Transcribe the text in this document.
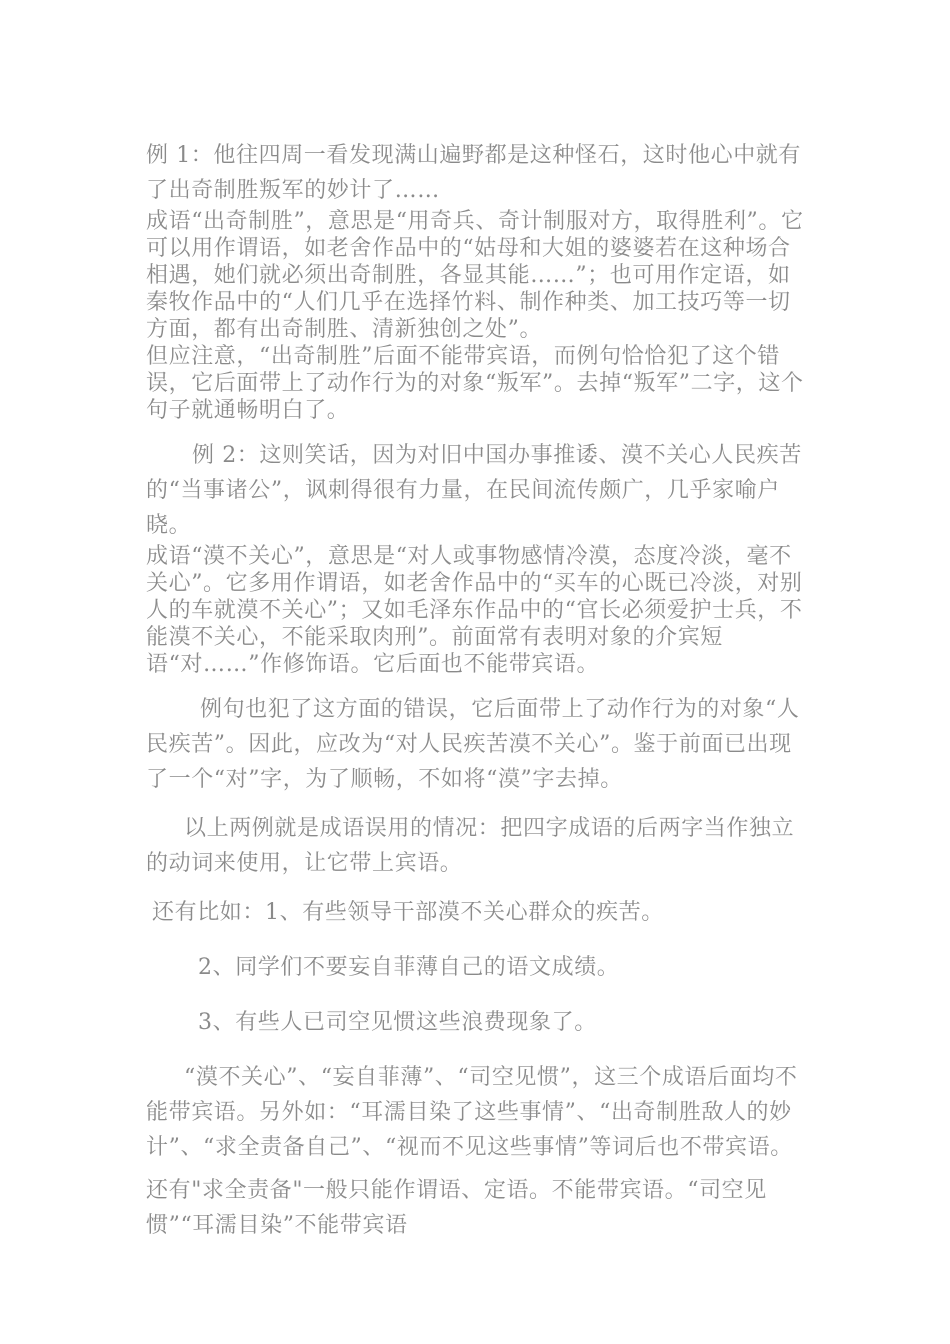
例 1：他往四周一看发现满山遍野都是这种怪石，这时他心中就有了出奇制胜叛军的妙计了……

成语“出奇制胜”，意思是“用奇兵、奇计制服对方，取得胜利”。它可以用作谓语，如老舍作品中的“姑母和大姐的婆婆若在这种场合相遇，她们就必须出奇制胜，各显其能……”；也可用作定语，如秦牧作品中的“人们几乎在选择竹料、制作种类、加工技巧等一切方面，都有出奇制胜、清新独创之处”。

但应注意，“出奇制胜”后面不能带宾语，而例句恰恰犯了这个错误，它后面带上了动作行为的对象“叛军”。去掉“叛军”二字，这个句子就通畅明白了。

例 2：这则笑话，因为对旧中国办事推诿、漠不关心人民疾苦的“当事诸公”，讽刺得很有力量，在民间流传颇广，几乎家喻户晓。

成语“漠不关心”，意思是“对人或事物感情冷漠，态度冷淡，毫不关心”。它多用作谓语，如老舍作品中的“买车的心既已冷淡，对别人的车就漠不关心”；又如毛泽东作品中的“官长必须爱护士兵，不能漠不关心，不能采取肉刑”。前面常有表明对象的介宾短语“对……”作修饰语。它后面也不能带宾语。

例句也犯了这方面的错误，它后面带上了动作行为的对象“人民疾苦”。因此，应改为“对人民疾苦漠不关心”。鉴于前面已出现了一个“对”字，为了顺畅，不如将“漠”字去掉。

以上两例就是成语误用的情况：把四字成语的后两字当作独立的动词来使用，让它带上宾语。

还有比如：1、有些领导干部漠不关心群众的疾苦。

2、同学们不要妄自菲薄自己的语文成绩。

3、有些人已司空见惯这些浪费现象了。

“漠不关心”、“妄自菲薄”、“司空见惯”，这三个成语后面均不能带宾语。另外如：“耳濡目染了这些事情”、“出奇制胜敌人的妙计”、“求全责备自己”、“视而不见这些事情”等词后也不带宾语。

还有"求全责备"一般只能作谓语、定语。不能带宾语。“司空见惯”“耳濡目染”不能带宾语
